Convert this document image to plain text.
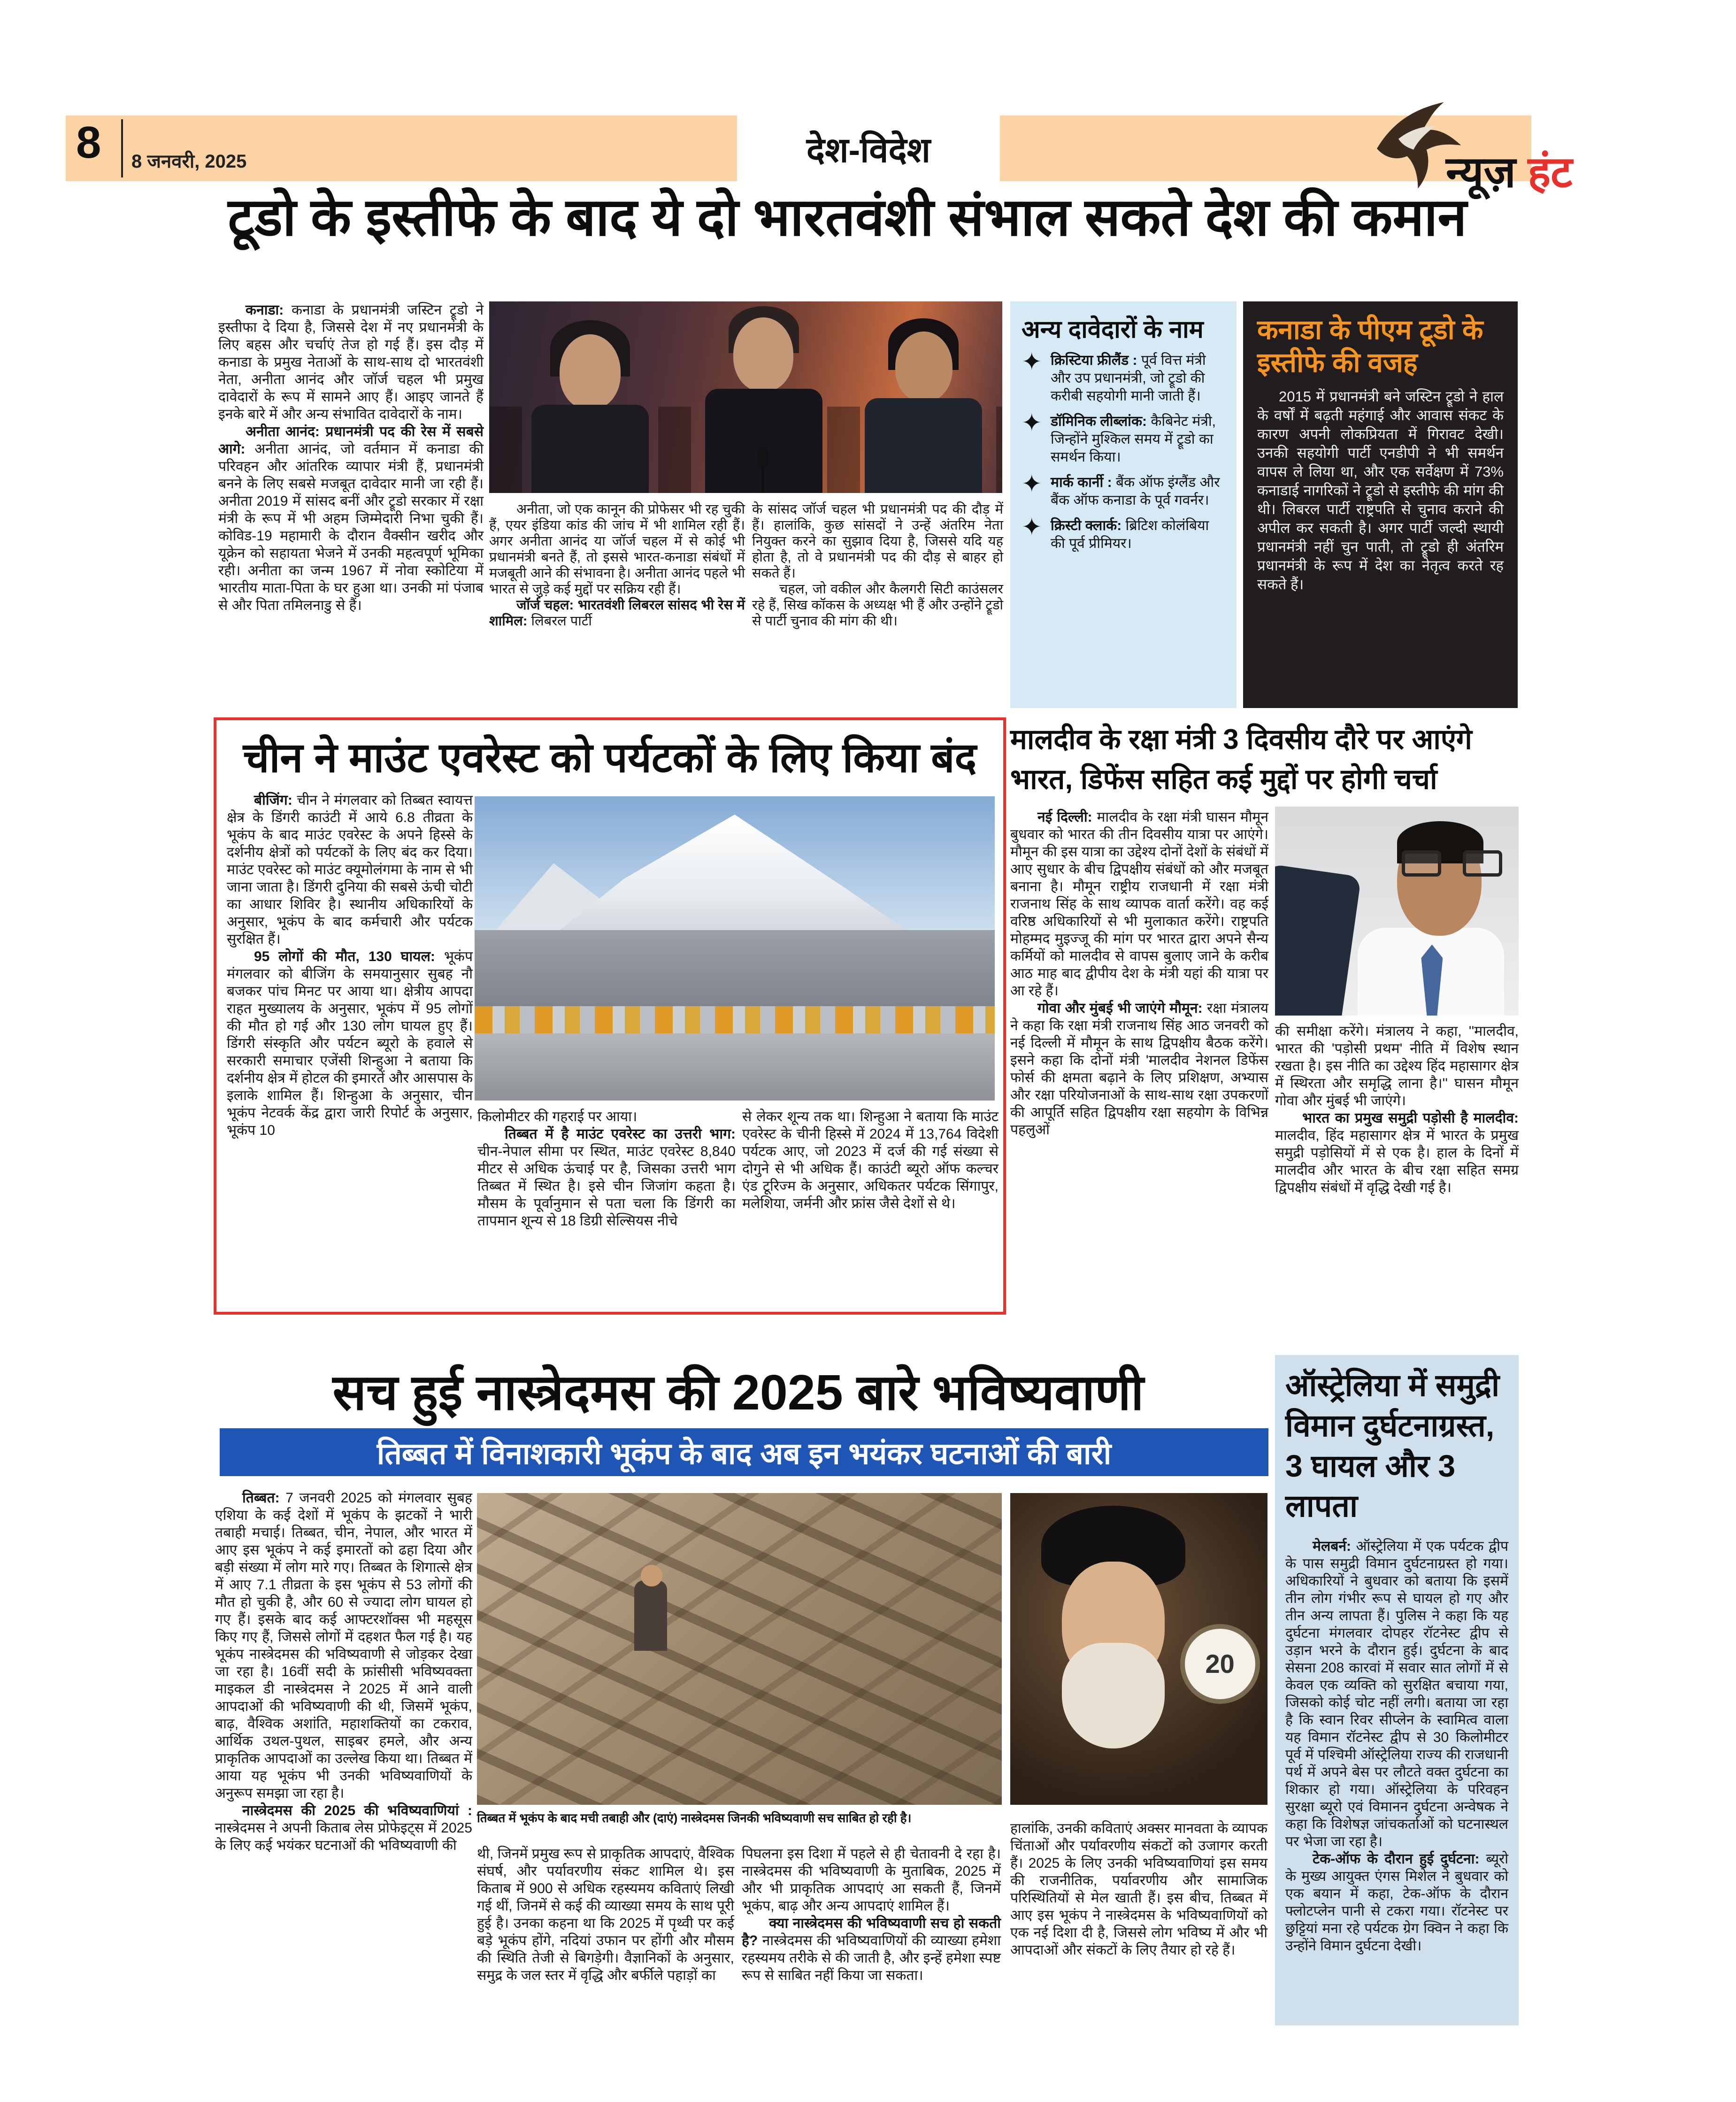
8 8 जनवरी, 2025	देश-विदेश	न्यूज़ हंट
टूडो के इस्तीफे के बाद ये दो भारतवंशी संभाल सकते देश की कमान

कनाडा: कनाडा के प्रधानमंत्री जस्टिन ट्रूडो ने इस्तीफा दे दिया है, जिससे देश में नए प्रधानमंत्री के लिए बहस और चर्चाएं तेज हो गई हैं। इस दौड़ में कनाडा के प्रमुख नेताओं के साथ-साथ दो भारतवंशी नेता, अनीता आनंद और जॉर्ज चहल भी प्रमुख दावेदारों के रूप में सामने आए हैं। आइए जानते हैं इनके बारे में और अन्य संभावित दावेदारों के नाम।

अनीता आनंद: प्रधानमंत्री पद की रेस में सबसे आगे: अनीता आनंद, जो वर्तमान में कनाडा की परिवहन और आंतरिक व्यापार मंत्री हैं, प्रधानमंत्री बनने के लिए सबसे मजबूत दावेदार मानी जा रही हैं। अनीता 2019 में सांसद बनीं और ट्रूडो सरकार में रक्षा मंत्री के रूप में भी अहम जिम्मेदारी निभा चुकी हैं। कोविड-19 महामारी के दौरान वैक्सीन खरीद और यूक्रेन को सहायता भेजने में उनकी महत्वपूर्ण भूमिका रही। अनीता का जन्म 1967 में नोवा स्कोटिया में भारतीय माता-पिता के घर हुआ था। उनकी मां पंजाब से और पिता तमिलनाडु से हैं।

अनीता, जो एक कानून की प्रोफेसर भी रह चुकी हैं, एयर इंडिया कांड की जांच में भी शामिल रही हैं। अगर अनीता आनंद या जॉर्ज चहल में से कोई भी प्रधानमंत्री बनते हैं, तो इससे भारत-कनाडा संबंधों में मजबूती आने की संभावना है। अनीता आनंद पहले भी भारत से जुड़े कई मुद्दों पर सक्रिय रही हैं।

जॉर्ज चहल: भारतवंशी लिबरल सांसद भी रेस में शामिल: लिबरल पार्टी

के सांसद जॉर्ज चहल भी प्रधानमंत्री पद की दौड़ में हैं। हालांकि, कुछ सांसदों ने उन्हें अंतरिम नेता नियुक्त करने का सुझाव दिया है, जिससे यदि यह होता है, तो वे प्रधानमंत्री पद की दौड़ से बाहर हो सकते हैं।

चहल, जो वकील और कैलगरी सिटी काउंसलर रहे हैं, सिख कॉकस के अध्यक्ष भी हैं और उन्होंने ट्रूडो से पार्टी चुनाव की मांग की थी।

अन्य दावेदारों के नाम
✦ क्रिस्टिया फ्रीलैंड : पूर्व वित्त मंत्री और उप प्रधानमंत्री, जो ट्रूडो की करीबी सहयोगी मानी जाती हैं।

✦ डॉमिनिक लीब्लांक: कैबिनेट मंत्री, जिन्होंने मुश्किल समय में ट्रूडो का समर्थन किया।

✦ मार्क कार्नी : बैंक ऑफ इंग्लैंड और बैंक ऑफ कनाडा के पूर्व गवर्नर।

✦ क्रिस्टी क्लार्क: ब्रिटिश कोलंबिया की पूर्व प्रीमियर।

कनाडा के पीएम टूडो के इस्तीफे की वजह

2015 में प्रधानमंत्री बने जस्टिन ट्रूडो ने हाल के वर्षों में बढ़ती महंगाई और आवास संकट के कारण अपनी लोकप्रियता में गिरावट देखी। उनकी सहयोगी पार्टी एनडीपी ने भी समर्थन वापस ले लिया था, और एक सर्वेक्षण में 73% कनाडाई नागरिकों ने ट्रूडो से इस्तीफे की मांग की थी। लिबरल पार्टी राष्ट्रपति से चुनाव कराने की अपील कर सकती है। अगर पार्टी जल्दी स्थायी प्रधानमंत्री नहीं चुन पाती, तो ट्रूडो ही अंतरिम प्रधानमंत्री के रूप में देश का नेतृत्व करते रह सकते हैं।

चीन ने माउंट एवरेस्ट को पर्यटकों के लिए किया बंद

बीजिंग: चीन ने मंगलवार को तिब्बत स्वायत्त क्षेत्र के डिंगरी काउंटी में आये 6.8 तीव्रता के भूकंप के बाद माउंट एवरेस्ट के अपने हिस्से के दर्शनीय क्षेत्रों को पर्यटकों के लिए बंद कर दिया। माउंट एवरेस्ट को माउंट क्यूमोलंगमा के नाम से भी जाना जाता है। डिंगरी दुनिया की सबसे ऊंची चोटी का आधार शिविर है। स्थानीय अधिकारियों के अनुसार, भूकंप के बाद कर्मचारी और पर्यटक सुरक्षित हैं।

95 लोगों की मौत, 130 घायल: भूकंप मंगलवार को बीजिंग के समयानुसार सुबह नौ बजकर पांच मिनट पर आया था। क्षेत्रीय आपदा राहत मुख्यालय के अनुसार, भूकंप में 95 लोगों की मौत हो गई और 130 लोग घायल हुए हैं। डिंगरी संस्कृति और पर्यटन ब्यूरो के हवाले से सरकारी समाचार एजेंसी शिन्हुआ ने बताया कि दर्शनीय क्षेत्र में होटल की इमारतें और आसपास के इलाके शामिल हैं। शिन्हुआ के अनुसार, चीन भूकंप नेटवर्क केंद्र द्वारा जारी रिपोर्ट के अनुसार, भूकंप 10

किलोमीटर की गहराई पर आया।

तिब्बत में है माउंट एवरेस्ट का उत्तरी भाग: चीन-नेपाल सीमा पर स्थित, माउंट एवरेस्ट 8,840 मीटर से अधिक ऊंचाई पर है, जिसका उत्तरी भाग तिब्बत में स्थित है। इसे चीन जिजांग कहता है। मौसम के पूर्वानुमान से पता चला कि डिंगरी का तापमान शून्य से 18 डिग्री सेल्सियस नीचे

से लेकर शून्य तक था। शिन्हुआ ने बताया कि माउंट एवरेस्ट के चीनी हिस्से में 2024 में 13,764 विदेशी पर्यटक आए, जो 2023 में दर्ज की गई संख्या से दोगुने से भी अधिक हैं। काउंटी ब्यूरो ऑफ कल्चर एंड टूरिज्म के अनुसार, अधिकतर पर्यटक सिंगापुर, मलेशिया, जर्मनी और फ्रांस जैसे देशों से थे।

मालदीव के रक्षा मंत्री 3 दिवसीय दौरे पर आएंगे भारत, डिफेंस सहित कई मुद्दों पर होगी चर्चा

नई दिल्ली: मालदीव के रक्षा मंत्री घासन मौमून बुधवार को भारत की तीन दिवसीय यात्रा पर आएंगे। मौमून की इस यात्रा का उद्देश्य दोनों देशों के संबंधों में आए सुधार के बीच द्विपक्षीय संबंधों को और मजबूत बनाना है। मौमून राष्ट्रीय राजधानी में रक्षा मंत्री राजनाथ सिंह के साथ व्यापक वार्ता करेंगे। वह कई वरिष्ठ अधिकारियों से भी मुलाकात करेंगे। राष्ट्रपति मोहम्मद मुइज्जू की मांग पर भारत द्वारा अपने सैन्य कर्मियों को मालदीव से वापस बुलाए जाने के करीब आठ माह बाद द्वीपीय देश के मंत्री यहां की यात्रा पर आ रहे हैं।

गोवा और मुंबई भी जाएंगे मौमून: रक्षा मंत्रालय ने कहा कि रक्षा मंत्री राजनाथ सिंह आठ जनवरी को नई दिल्ली में मौमून के साथ द्विपक्षीय बैठक करेंगे। इसने कहा कि दोनों मंत्री 'मालदीव नेशनल डिफेंस फोर्स की क्षमता बढ़ाने के लिए प्रशिक्षण, अभ्यास और रक्षा परियोजनाओं के साथ-साथ रक्षा उपकरणों की आपूर्ति सहित द्विपक्षीय रक्षा सहयोग के विभिन्न पहलुओं

की समीक्षा करेंगे। मंत्रालय ने कहा, ''मालदीव, भारत की 'पड़ोसी प्रथम' नीति में विशेष स्थान रखता है। इस नीति का उद्देश्य हिंद महासागर क्षेत्र में स्थिरता और समृद्धि लाना है।'' घासन मौमून गोवा और मुंबई भी जाएंगे।

भारत का प्रमुख समुद्री पड़ोसी है मालदीव: मालदीव, हिंद महासागर क्षेत्र में भारत के प्रमुख समुद्री पड़ोसियों में से एक है। हाल के दिनों में मालदीव और भारत के बीच रक्षा सहित समग्र द्विपक्षीय संबंधों में वृद्धि देखी गई है।

सच हुई नास्त्रेदमस की 2025 बारे भविष्यवाणी
तिब्बत में विनाशकारी भूकंप के बाद अब इन भयंकर घटनाओं की बारी

तिब्बत: 7 जनवरी 2025 को मंगलवार सुबह एशिया के कई देशों में भूकंप के झटकों ने भारी तबाही मचाई। तिब्बत, चीन, नेपाल, और भारत में आए इस भूकंप ने कई इमारतों को ढहा दिया और बड़ी संख्या में लोग मारे गए। तिब्बत के शिगात्से क्षेत्र में आए 7.1 तीव्रता के इस भूकंप से 53 लोगों की मौत हो चुकी है, और 60 से ज्यादा लोग घायल हो गए हैं। इसके बाद कई आफ्टरशॉक्स भी महसूस किए गए हैं, जिससे लोगों में दहशत फैल गई है। यह भूकंप नास्त्रेदमस की भविष्यवाणी से जोड़कर देखा जा रहा है। 16वीं सदी के फ्रांसीसी भविष्यवक्ता माइकल डी नास्त्रेदमस ने 2025 में आने वाली आपदाओं की भविष्यवाणी की थी, जिसमें भूकंप, बाढ़, वैश्विक अशांति, महाशक्तियों का टकराव, आर्थिक उथल-पुथल, साइबर हमले, और अन्य प्राकृतिक आपदाओं का उल्लेख किया था। तिब्बत में आया यह भूकंप भी उनकी भविष्यवाणियों के अनुरूप समझा जा रहा है।

नास्त्रेदमस की 2025 की भविष्यवाणियां : नास्त्रेदमस ने अपनी किताब लेस प्रोफेइट्स में 2025 के लिए कई भयंकर घटनाओं की भविष्यवाणी की

20
तिब्बत में भूकंप के बाद मची तबाही और (दाएं) नास्त्रेदमस जिनकी भविष्यवाणी सच साबित हो रही है।

थी, जिनमें प्रमुख रूप से प्राकृतिक आपदाएं, वैश्विक संघर्ष, और पर्यावरणीय संकट शामिल थे। इस किताब में 900 से अधिक रहस्यमय कविताएं लिखी गई थीं, जिनमें से कई की व्याख्या समय के साथ पूरी हुई है। उनका कहना था कि 2025 में पृथ्वी पर कई बड़े भूकंप होंगे, नदियां उफान पर होंगी और मौसम की स्थिति तेजी से बिगड़ेगी। वैज्ञानिकों के अनुसार, समुद्र के जल स्तर में वृद्धि और बर्फीले पहाड़ों का

पिघलना इस दिशा में पहले से ही चेतावनी दे रहा है। नास्त्रेदमस की भविष्यवाणी के मुताबिक, 2025 में और भी प्राकृतिक आपदाएं आ सकती हैं, जिनमें भूकंप, बाढ़ और अन्य आपदाएं शामिल हैं।

क्या नास्त्रेदमस की भविष्यवाणी सच हो सकती है? नास्त्रेदमस की भविष्यवाणियों की व्याख्या हमेशा रहस्यमय तरीके से की जाती है, और इन्हें हमेशा स्पष्ट रूप से साबित नहीं किया जा सकता।

हालांकि, उनकी कविताएं अक्सर मानवता के व्यापक चिंताओं और पर्यावरणीय संकटों को उजागर करती हैं। 2025 के लिए उनकी भविष्यवाणियां इस समय की राजनीतिक, पर्यावरणीय और सामाजिक परिस्थितियों से मेल खाती हैं। इस बीच, तिब्बत में आए इस भूकंप ने नास्त्रेदमस के भविष्यवाणियों को एक नई दिशा दी है, जिससे लोग भविष्य में और भी आपदाओं और संकटों के लिए तैयार हो रहे हैं।

ऑस्ट्रेलिया में समुद्री विमान दुर्घटनाग्रस्त, 3 घायल और 3 लापता

मेलबर्न: ऑस्ट्रेलिया में एक पर्यटक द्वीप के पास समुद्री विमान दुर्घटनाग्रस्त हो गया। अधिकारियों ने बुधवार को बताया कि इसमें तीन लोग गंभीर रूप से घायल हो गए और तीन अन्य लापता हैं। पुलिस ने कहा कि यह दुर्घटना मंगलवार दोपहर रॉटनेस्ट द्वीप से उड़ान भरने के दौरान हुई। दुर्घटना के बाद सेसना 208 कारवां में सवार सात लोगों में से केवल एक व्यक्ति को सुरक्षित बचाया गया, जिसको कोई चोट नहीं लगी। बताया जा रहा है कि स्वान रिवर सीप्लेन के स्वामित्व वाला यह विमान रॉटनेस्ट द्वीप से 30 किलोमीटर पूर्व में पश्चिमी ऑस्ट्रेलिया राज्य की राजधानी पर्थ में अपने बेस पर लौटते वक्त दुर्घटना का शिकार हो गया। ऑस्ट्रेलिया के परिवहन सुरक्षा ब्यूरो एवं विमानन दुर्घटना अन्वेषक ने कहा कि विशेषज्ञ जांचकर्ताओं को घटनास्थल पर भेजा जा रहा है।

टेक-ऑफ के दौरान हुई दुर्घटना: ब्यूरो के मुख्य आयुक्त एंगस मिशेल ने बुधवार को एक बयान में कहा, टेक-ऑफ के दौरान फ्लोटप्लेन पानी से टकरा गया। रॉटनेस्ट पर छुट्टियां मना रहे पर्यटक ग्रेग क्विन ने कहा कि उन्होंने विमान दुर्घटना देखी।
